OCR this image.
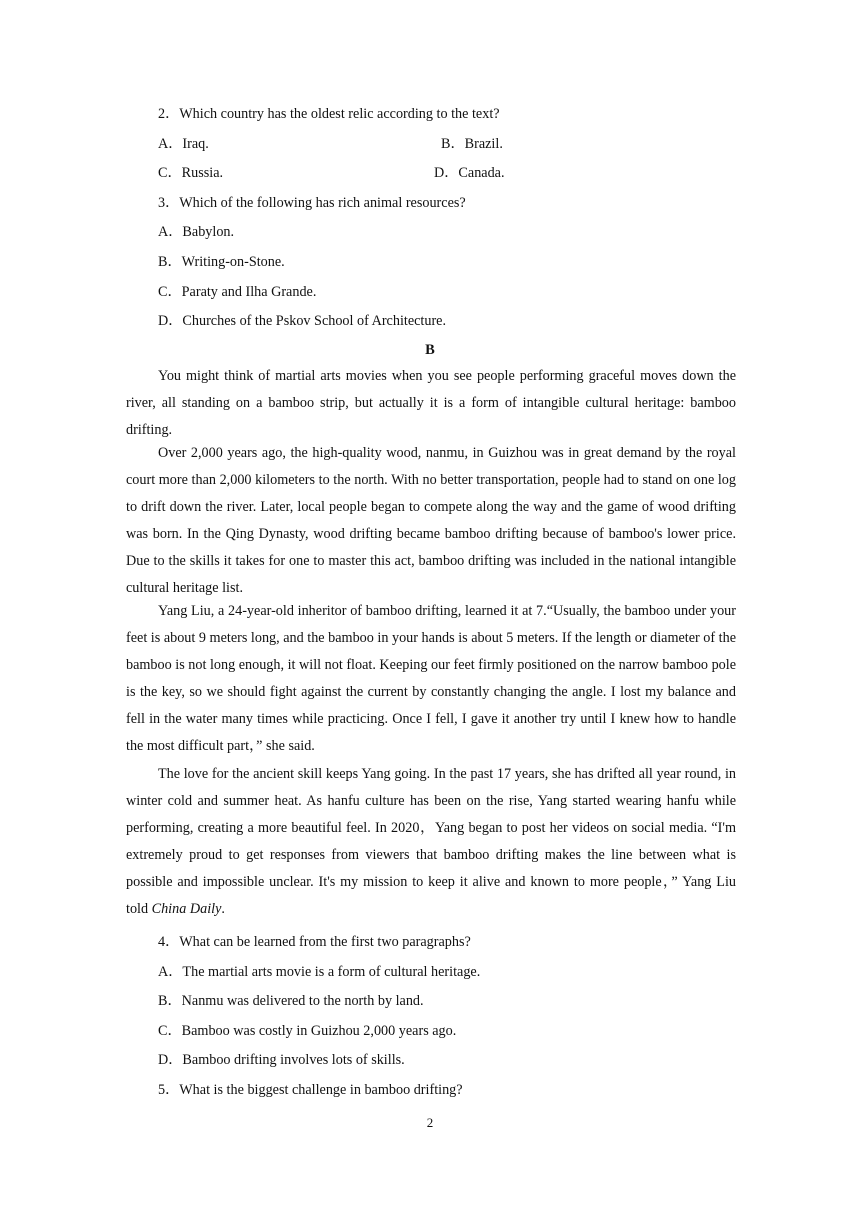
2．Which country has the oldest relic according to the text?
A．Iraq.	B．Brazil.
C．Russia.	D．Canada.
3．Which of the following has rich animal resources?
A．Babylon.
B．Writing-on-Stone.
C．Paraty and Ilha Grande.
D．Churches of the Pskov School of Architecture.
B

You might think of martial arts movies when you see people performing graceful moves down the river, all standing on a bamboo strip, but actually it is a form of intangible cultural heritage: bamboo drifting.

Over 2,000 years ago, the high-quality wood, nanmu, in Guizhou was in great demand by the royal court more than 2,000 kilometers to the north. With no better transportation, people had to stand on one log to drift down the river. Later, local people began to compete along the way and the game of wood drifting was born. In the Qing Dynasty, wood drifting became bamboo drifting because of bamboo's lower price. Due to the skills it takes for one to master this act, bamboo drifting was included in the national intangible cultural heritage list.

Yang Liu, a 24-year-old inheritor of bamboo drifting, learned it at 7.“Usually, the bamboo under your feet is about 9 meters long, and the bamboo in your hands is about 5 meters. If the length or diameter of the bamboo is not long enough, it will not float. Keeping our feet firmly positioned on the narrow bamboo pole is the key, so we should fight against the current by constantly changing the angle. I lost my balance and fell in the water many times while practicing. Once I fell, I gave it another try until I knew how to handle the most difficult part，” she said.

The love for the ancient skill keeps Yang going. In the past 17 years, she has drifted all year round, in winter cold and summer heat. As hanfu culture has been on the rise, Yang started wearing hanfu while performing, creating a more beautiful feel. In 2020，Yang began to post her videos on social media. “I'm extremely proud to get responses from viewers that bamboo drifting makes the line between what is possible and impossible unclear. It's my mission to keep it alive and known to more people，” Yang Liu told China Daily.

4．What can be learned from the first two paragraphs?
A．The martial arts movie is a form of cultural heritage.
B．Nanmu was delivered to the north by land.
C．Bamboo was costly in Guizhou 2,000 years ago.
D．Bamboo drifting involves lots of skills.
5．What is the biggest challenge in bamboo drifting?
2
